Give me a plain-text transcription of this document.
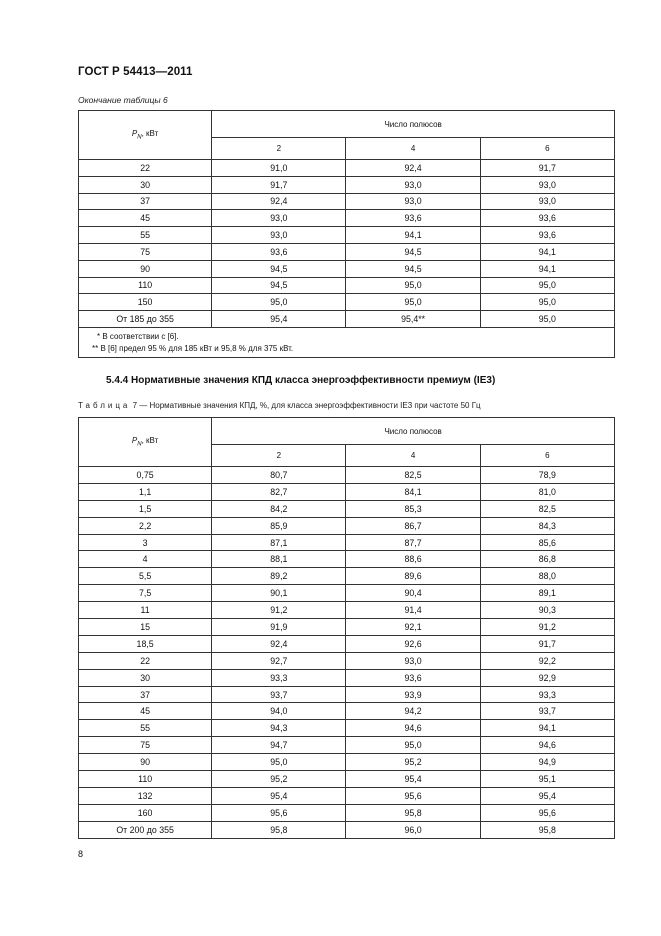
ГОСТ Р 54413—2011
Окончание таблицы 6
$P_N$, кВт	Число полюсов		
	2	4	6
22	91,0	92,4	91,7
30	91,7	93,0	93,0
37	92,4	93,0	93,0
45	93,0	93,6	93,6
55	93,0	94,1	93,6
75	93,6	94,5	94,1
90	94,5	94,5	94,1
110	94,5	95,0	95,0
150	95,0	95,0	95,0
От 185 до 355	95,4	95,4**	95,0

* В соответствии с [6].
** В [6] предел 95 % для 185 кВт и 95,8 % для 375 кВт.			
5.4.4 Нормативные значения КПД класса энергоэффективности премиум (IE3)
Таблица 7 — Нормативные значения КПД, %, для класса энергоэффективности IE3 при частоте 50 Гц
$P_N$, кВт	Число полюсов		
	2	4	6
0,75	80,7	82,5	78,9
1,1	82,7	84,1	81,0
1,5	84,2	85,3	82,5
2,2	85,9	86,7	84,3
3	87,1	87,7	85,6
4	88,1	88,6	86,8
5,5	89,2	89,6	88,0
7,5	90,1	90,4	89,1
11	91,2	91,4	90,3
15	91,9	92,1	91,2
18,5	92,4	92,6	91,7
22	92,7	93,0	92,2
30	93,3	93,6	92,9
37	93,7	93,9	93,3
45	94,0	94,2	93,7
55	94,3	94,6	94,1
75	94,7	95,0	94,6
90	95,0	95,2	94,9
110	95,2	95,4	95,1
132	95,4	95,6	95,4
160	95,6	95,8	95,6
От 200 до 355	95,8	96,0	95,8
8
